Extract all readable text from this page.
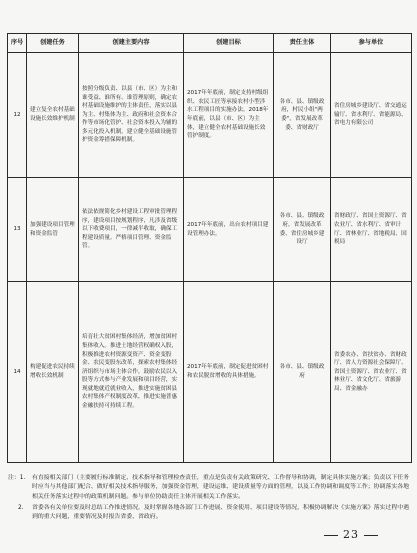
序号	创建任务	创建主要内容	创建目标	责任主体	参与单位
12	建立复全农村基础设施长效维护机制	按照分级负责、以县（市、区）为主和谁受益、谁所有、谁管理原则，确定农村基础设施维护的主体责任，落实以县为主、村集体为主、政府和社会资本合作等市场化管护、社会资本投入为辅的多元化投入机制，建立健全基础设施管护资金筹措保障机制。	2017年年底前，制定支持村级组织、农民工匠等承接农村小型涉水工程项目的实施办法。2018年年底前，以县（市、区）为主体，建立健全农村基础设施长效管护制度。	各市、县、镇级政府，村民小组"两委"，省发展改革委、省财政厅	省住房城乡建设厅、省交通运输厅、省水利厅、省能源局、省电力有限公司
13	加强建设项目管理和资金监管	依法依规简化乡村建设工程审批管理程序，建设项目按规划程序，凡涉及省级以下收费项目，一律减半收取，确保工程建设质量。严格项目管理、资金监管。	2017年年底前，出台农村项目建设管理办法。	各市、县、镇级政府，省发展改革委、省住房城乡建设厅	省财政厅、省国土资源厅、省农业厅、省水利厅、省审计厅、省林业厅、省地税局、国税局
14	构建促进农民持续增收长效机制	培育壮大贫困村集体经济，增加贫困村集体收入。推进土地经营权确权入股，积极推进农村资源变资产、资金变股金、农民变股东改革，探索农村集体经济组织与市场主体合作，鼓励农民以入股等方式参与产业发展和项目经营，实现就地就近就业收入，推进实施贫困县农村集体产权制度改革，推进实施普惠金融扶持可持续工程。	2017年年底前，制定促进贫困村和农民脱贫增收的具体措施。	各市、县、镇级政府	省委农办、省扶贫办、省财政厅、省人力资源社会保障厅、省国土资源厅、省农业厅、省林业厅、省文化厅、省旅游局、省金融办
注：1. 有直接相关部门（主要履行标准制定、技术指导和管理检查责任，重点是负责有关政策研究、工作督导和协调，制定具体实施方案；负责以下任务时应当与其他部门配合、做好相关技术指导服务，加强资金管理，建设运维、建设质量等方面的管理，以及工作协调和调度等工作；协调落实各地相关任务落实过程中的政策机制问题。参与单位协助责任主体开展相关工作落实。
2. 省委各有关单位要及时总结工作推进情况，及时掌握各地各部门工作进展、资金使用、项目建设等情况，积极协调解决《实施方案》落实过程中遇到的重大问题，重要情况及时报告省委、省政府。
23
